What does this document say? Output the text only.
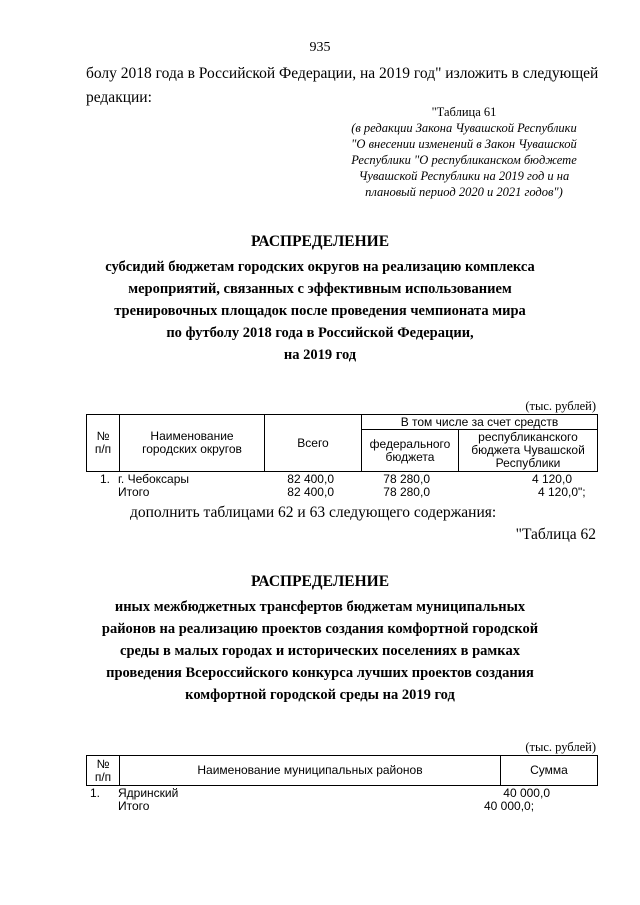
935
болу 2018 года в Российской Федерации, на 2019 год" изложить в следующей
редакции:
"Таблица 61
(в редакции Закона Чувашской Республики
"О внесении изменений в Закон Чувашской
Республики "О республиканском бюджете
Чувашской Республики на 2019 год и на
плановый период 2020 и 2021 годов")
РАСПРЕДЕЛЕНИЕ
субсидий бюджетам городских округов на реализацию комплекса
мероприятий, связанных с эффективным использованием
тренировочных площадок после проведения чемпионата мира
по футболу 2018 года в Российской Федерации,
на 2019 год
(тыс. рублей)
№ п/п	Наименование городских округов	Всего	В том числе за счет средств	
			федерального бюджета	республиканского бюджета Чувашской Республики
1. г. Чебоксары	82 400,0	78 280,0	4 120,0
Итого	82 400,0	78 280,0	4 120,0";
дополнить таблицами 62 и 63 следующего содержания:
"Таблица 62
РАСПРЕДЕЛЕНИЕ
иных межбюджетных трансфертов бюджетам муниципальных
районов на реализацию проектов создания комфортной городской
среды в малых городах и исторических поселениях в рамках
проведения Всероссийского конкурса лучших проектов создания
комфортной городской среды на 2019 год
(тыс. рублей)
№ п/п	Наименование муниципальных районов	Сумма
1. Ядринский	40 000,0
Итого	40 000,0;
